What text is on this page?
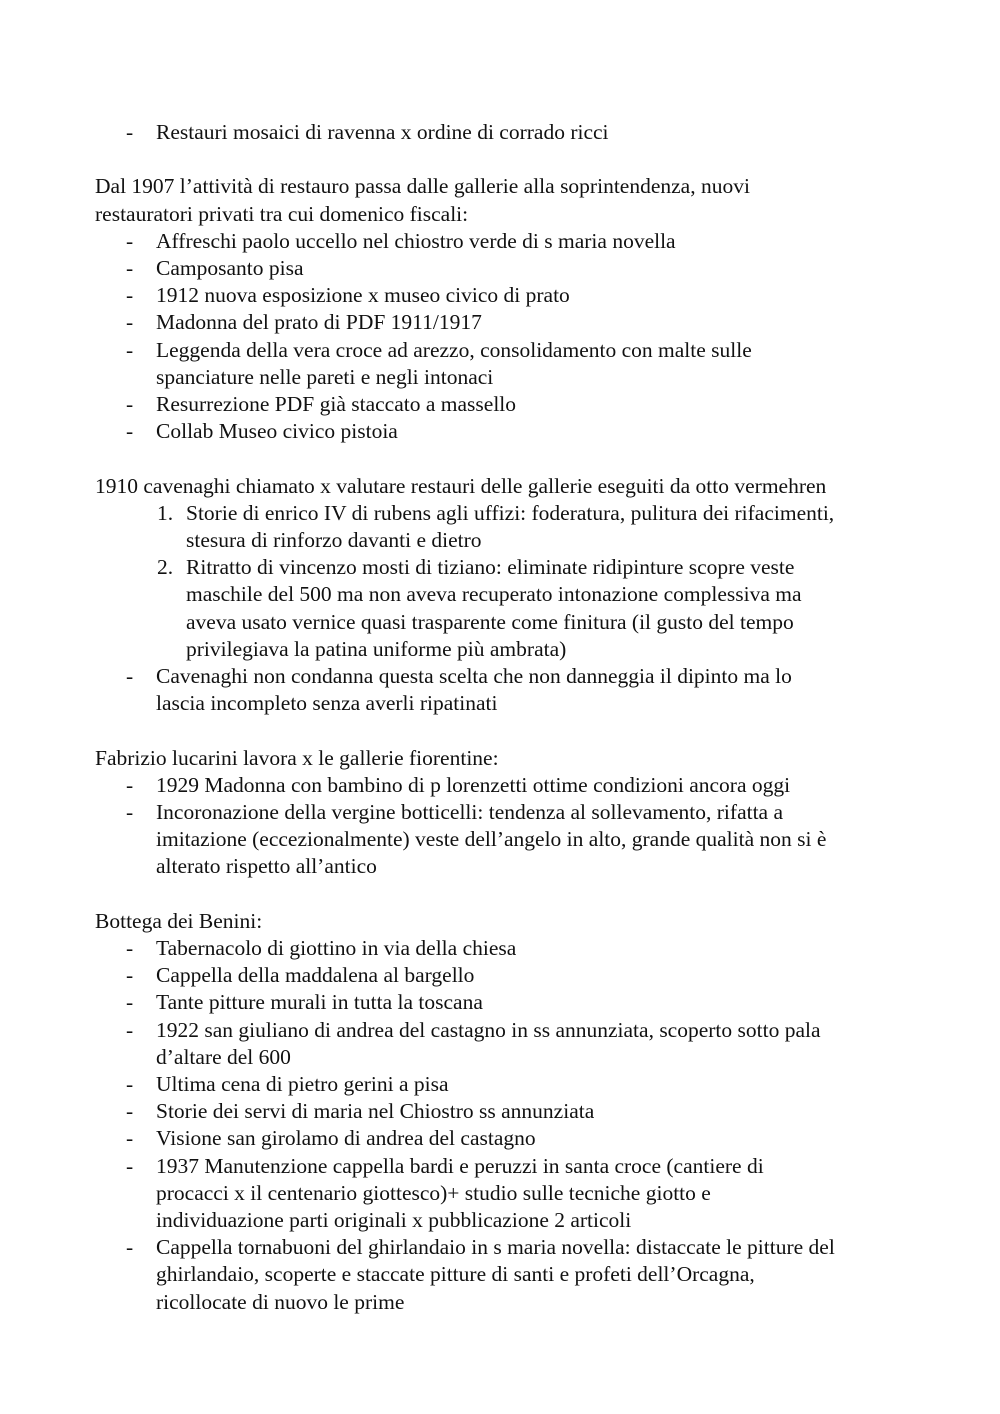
- Restauri mosaici di ravenna x ordine di corrado ricci
Dal 1907 l’attività di restauro passa dalle gallerie alla soprintendenza, nuovi
restauratori privati tra cui domenico fiscali:
- Affreschi paolo uccello nel chiostro verde di s maria novella
- Camposanto pisa
- 1912 nuova esposizione x museo civico di prato
- Madonna del prato di PDF 1911/1917
- Leggenda della vera croce ad arezzo, consolidamento con malte sulle
spanciature nelle pareti e negli intonaci
- Resurrezione PDF già staccato a massello
- Collab Museo civico pistoia
1910 cavenaghi chiamato x valutare restauri delle gallerie eseguiti da otto vermehren
1. Storie di enrico IV di rubens agli uffizi: foderatura, pulitura dei rifacimenti,
stesura di rinforzo davanti e dietro
2. Ritratto di vincenzo mosti di tiziano: eliminate ridipinture scopre veste
maschile del 500 ma non aveva recuperato intonazione complessiva ma
aveva usato vernice quasi trasparente come finitura (il gusto del tempo
privilegiava la patina uniforme più ambrata)
- Cavenaghi non condanna questa scelta che non danneggia il dipinto ma lo
lascia incompleto senza averli ripatinati
Fabrizio lucarini lavora x le gallerie fiorentine:
- 1929 Madonna con bambino di p lorenzetti ottime condizioni ancora oggi
- Incoronazione della vergine botticelli: tendenza al sollevamento, rifatta a
imitazione (eccezionalmente) veste dell’angelo in alto, grande qualità non si è
alterato rispetto all’antico
Bottega dei Benini:
- Tabernacolo di giottino in via della chiesa
- Cappella della maddalena al bargello
- Tante pitture murali in tutta la toscana
- 1922 san giuliano di andrea del castagno in ss annunziata, scoperto sotto pala
d’altare del 600
- Ultima cena di pietro gerini a pisa
- Storie dei servi di maria nel Chiostro ss annunziata
- Visione san girolamo di andrea del castagno
- 1937 Manutenzione cappella bardi e peruzzi in santa croce (cantiere di
procacci x il centenario giottesco)+ studio sulle tecniche giotto e
individuazione parti originali x pubblicazione 2 articoli
- Cappella tornabuoni del ghirlandaio in s maria novella: distaccate le pitture del
ghirlandaio, scoperte e staccate pitture di santi e profeti dell’Orcagna,
ricollocate di nuovo le prime
